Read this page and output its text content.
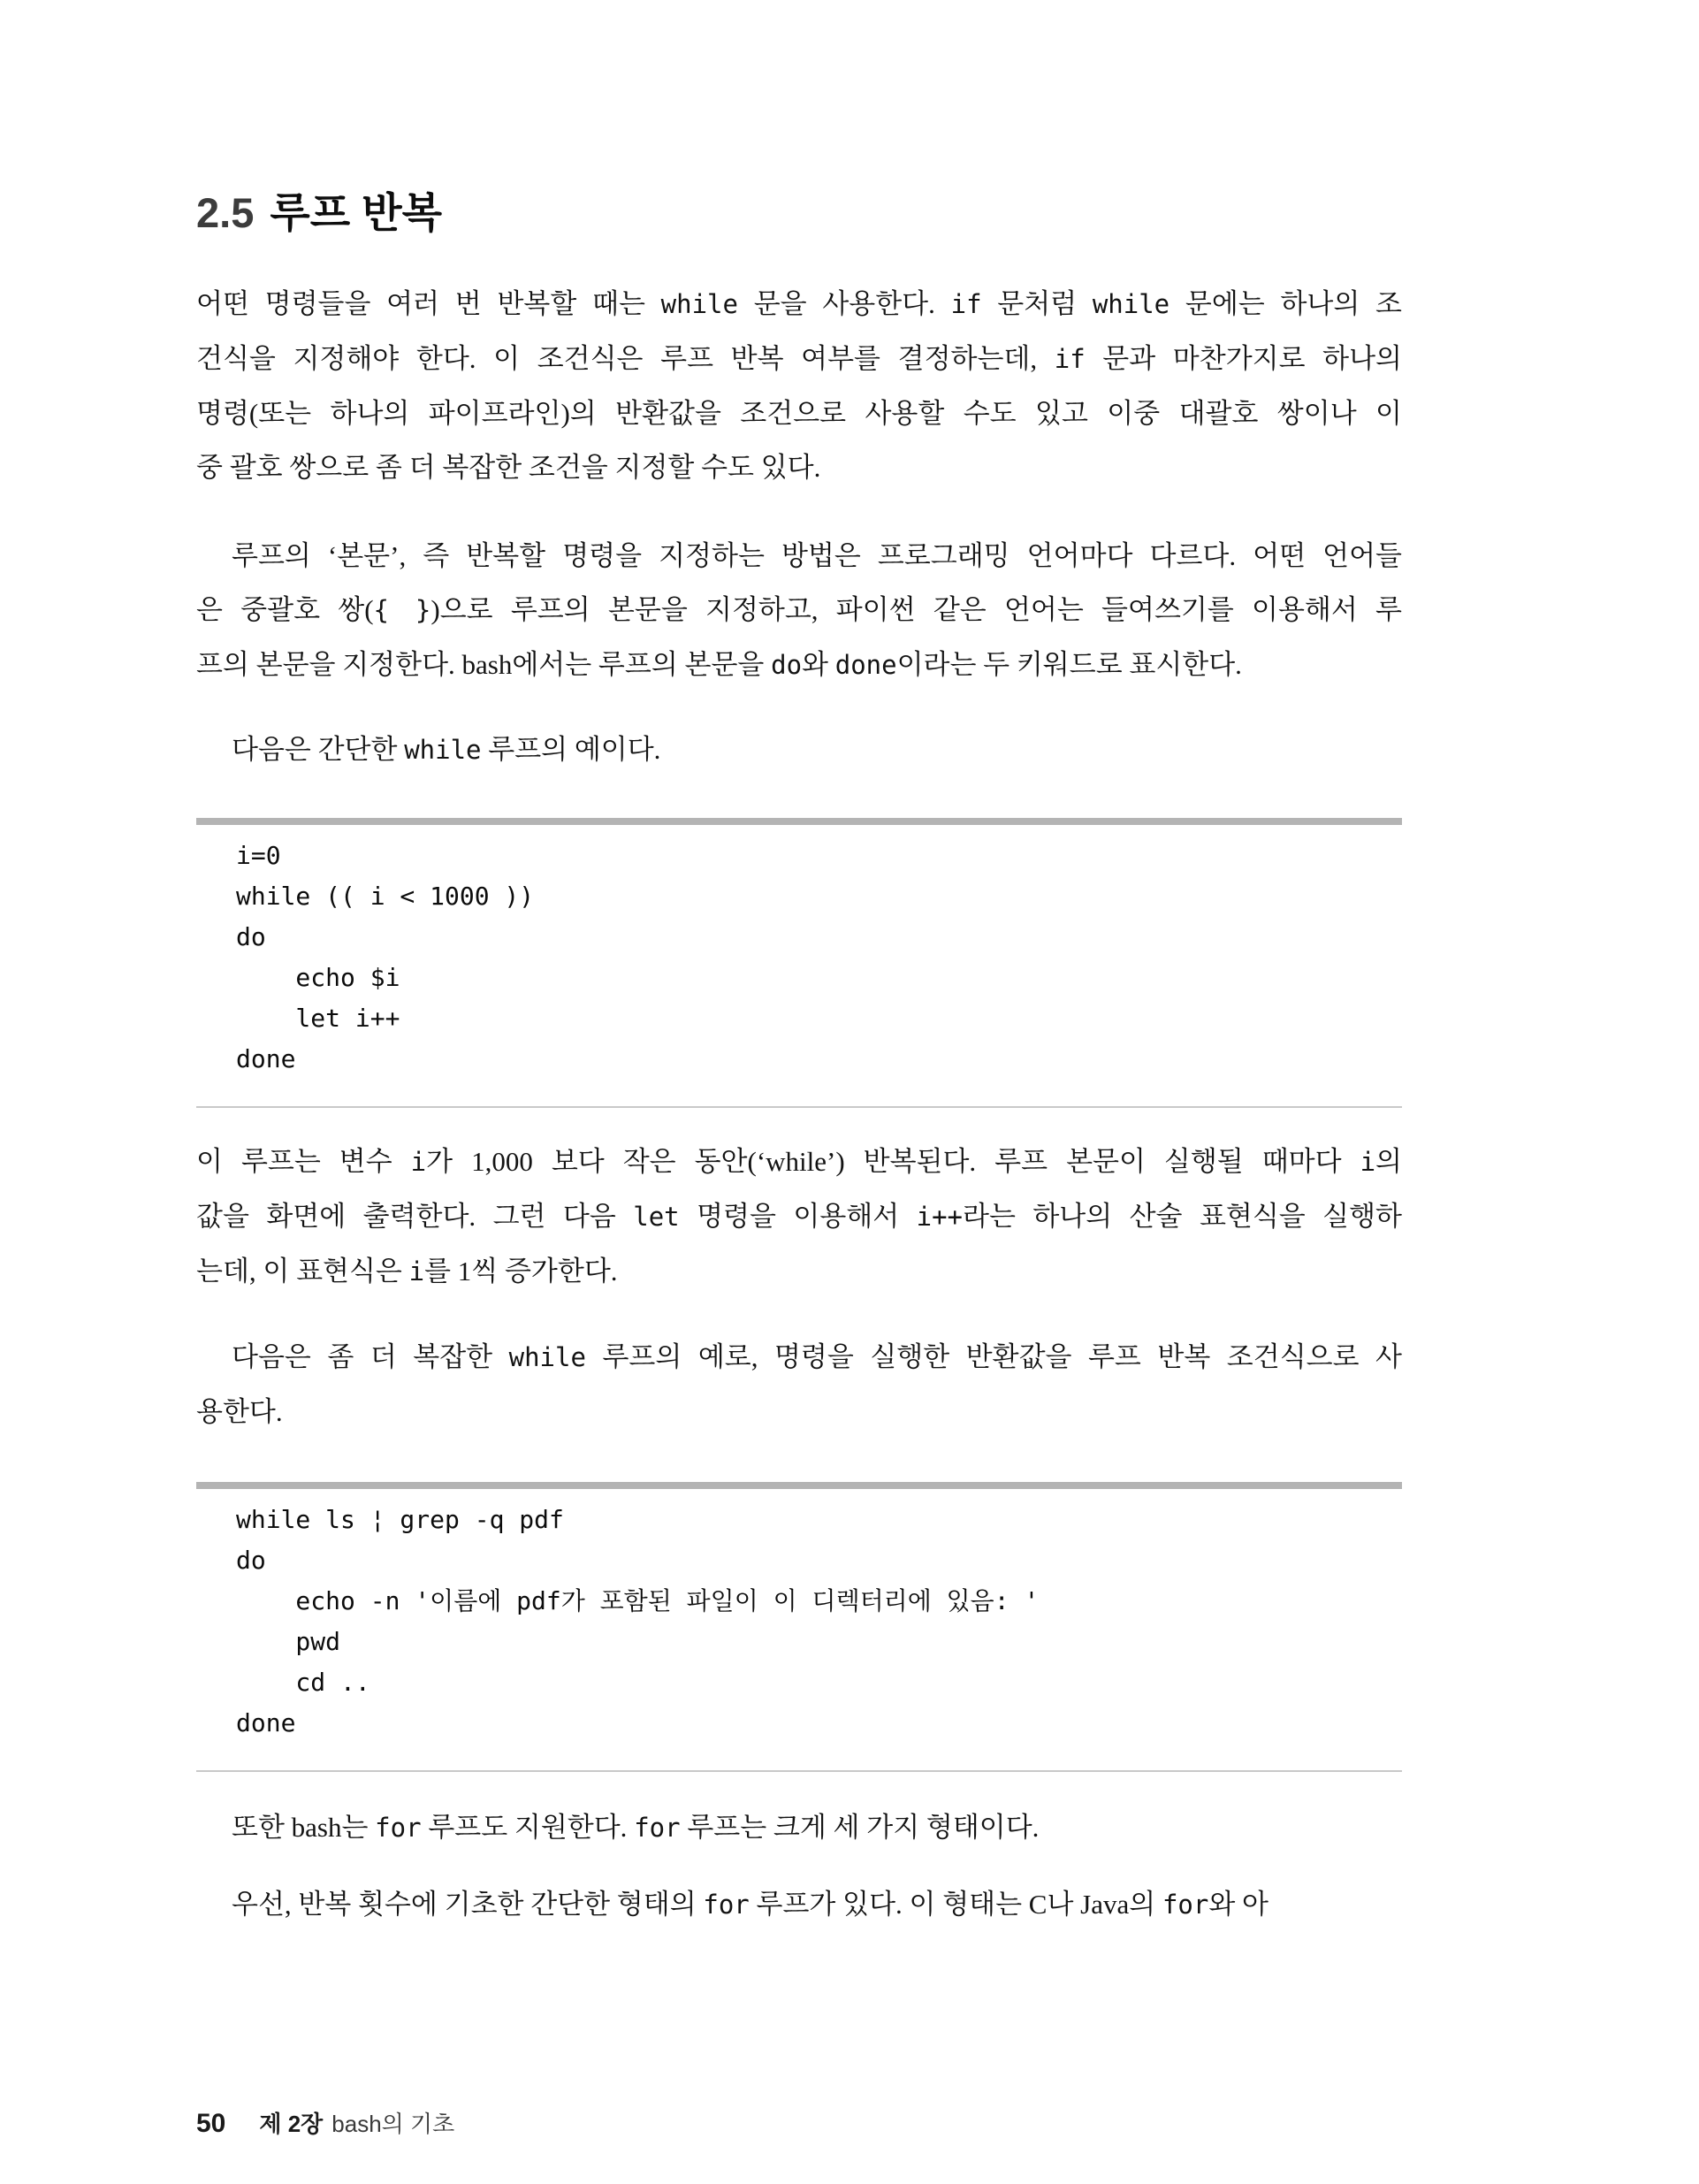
2.5 루프 반복
어떤 명령들을 여러 번 반복할 때는 while 문을 사용한다. if 문처럼 while 문에는 하나의 조
건식을 지정해야 한다. 이 조건식은 루프 반복 여부를 결정하는데, if 문과 마찬가지로 하나의
명령(또는 하나의 파이프라인)의 반환값을 조건으로 사용할 수도 있고 이중 대괄호 쌍이나 이
중 괄호 쌍으로 좀 더 복잡한 조건을 지정할 수도 있다.
루프의 ‘본문’, 즉 반복할 명령을 지정하는 방법은 프로그래밍 언어마다 다르다. 어떤 언어들
은 중괄호 쌍({ })으로 루프의 본문을 지정하고, 파이썬 같은 언어는 들여쓰기를 이용해서 루
프의 본문을 지정한다. bash에서는 루프의 본문을 do와 done이라는 두 키워드로 표시한다.
다음은 간단한 while 루프의 예이다.
i=0
while (( i < 1000 ))
do
echo $i
let i++
done
이 루프는 변수 i가 1,000 보다 작은 동안(‘while’) 반복된다. 루프 본문이 실행될 때마다 i의
값을 화면에 출력한다. 그런 다음 let 명령을 이용해서 i++라는 하나의 산술 표현식을 실행하
는데, 이 표현식은 i를 1씩 증가한다.
다음은 좀 더 복잡한 while 루프의 예로, 명령을 실행한 반환값을 루프 반복 조건식으로 사
용한다.
while ls ¦ grep -q pdf
do
echo -n '이름에 pdf가 포함된 파일이 이 디렉터리에 있음: '
pwd
cd ..
done
또한 bash는 for 루프도 지원한다. for 루프는 크게 세 가지 형태이다.
우선, 반복 횟수에 기초한 간단한 형태의 for 루프가 있다. 이 형태는 C나 Java의 for와 아
50 제 2장 bash의 기초
